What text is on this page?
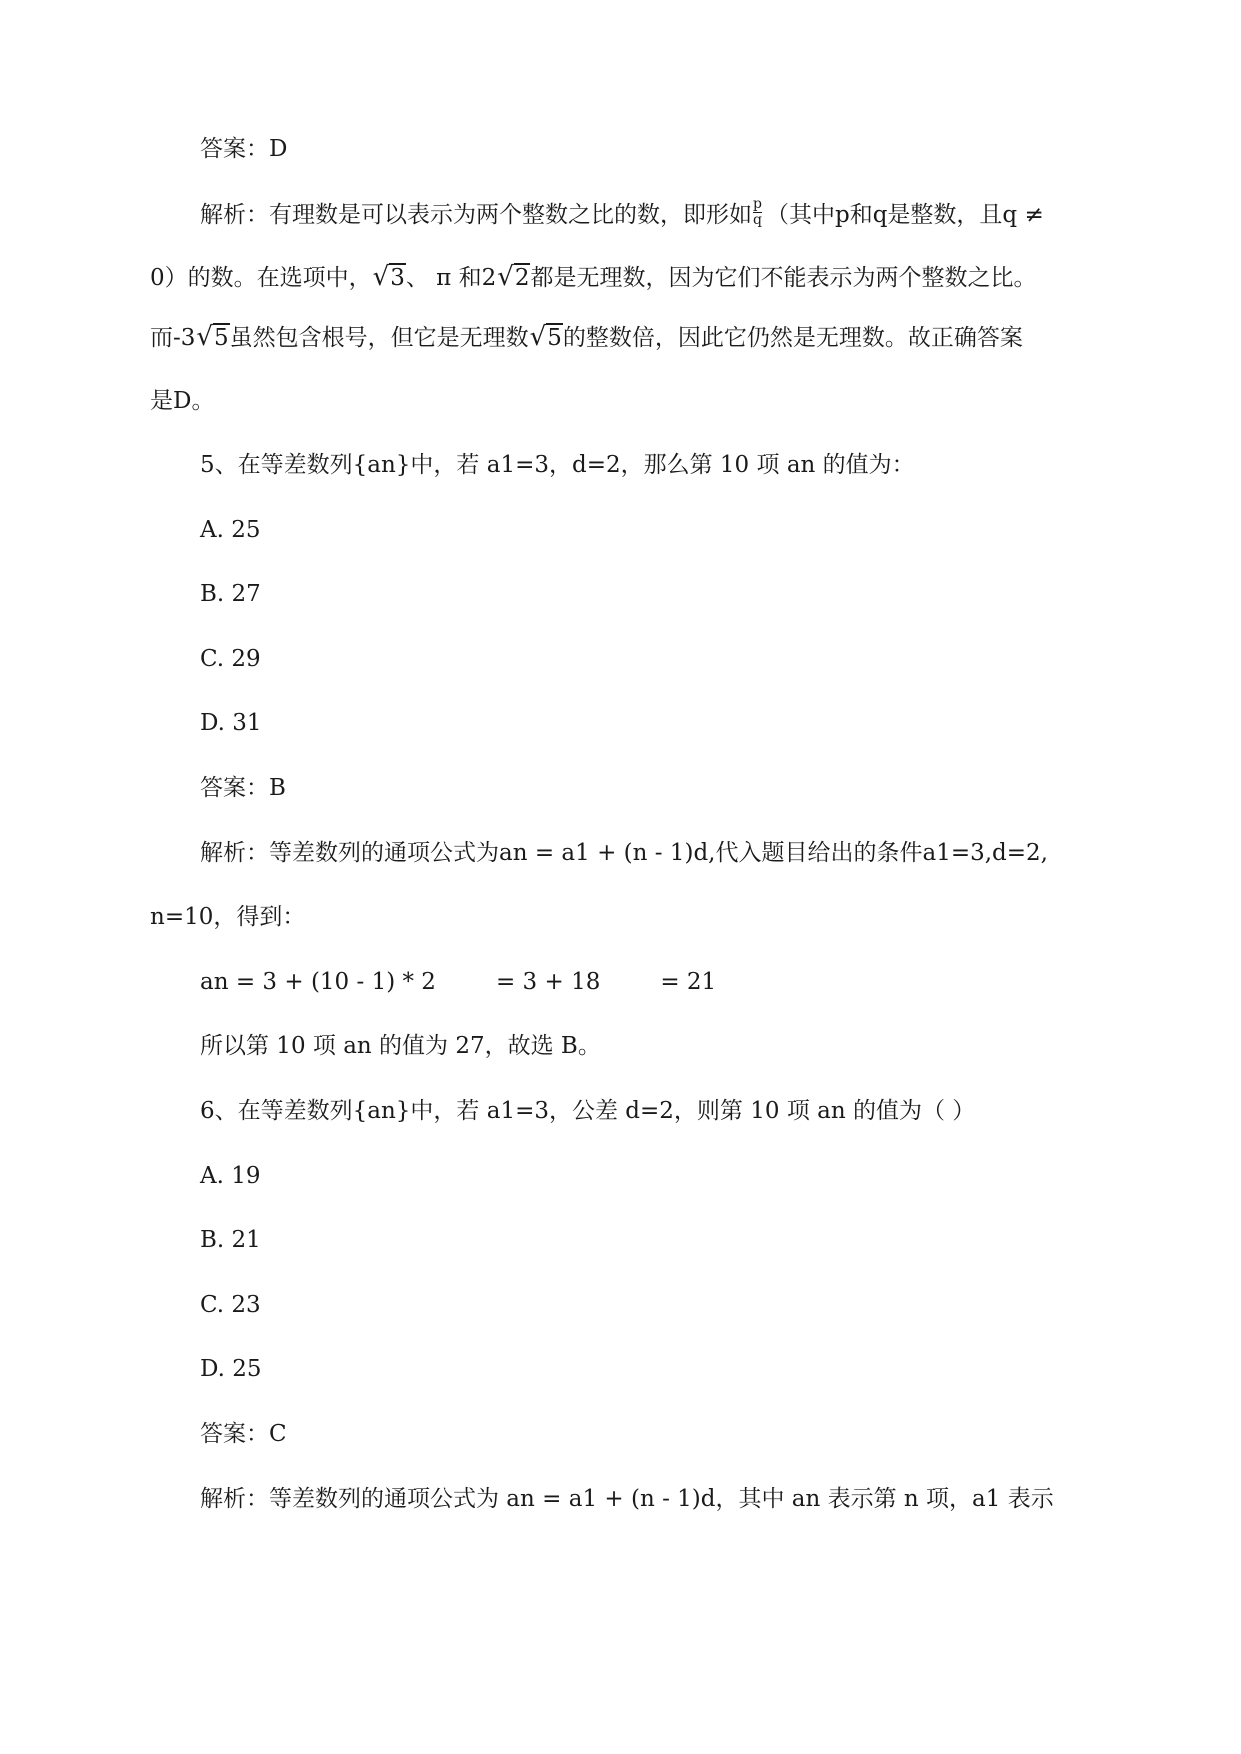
答案：D
解析：有理数是可以表示为两个整数之比的数，即形如 $\frac{p}{q}$ （其中p和q是整数，且q ≠
0）的数。在选项中，√3、 π 和2√2都是无理数，因为它们不能表示为两个整数之比。
而-3√5虽然包含根号，但它是无理数√5的整数倍，因此它仍然是无理数。故正确答案
是D。
5、在等差数列{an}中，若 a1=3，d=2，那么第 10 项 an 的值为：
A. 25
B. 27
C. 29
D. 31
答案：B
解析：等差数列的通项公式为an = a1 + (n - 1)d,代入题目给出的条件a1=3,d=2,
n=10，得到：
an = 3 + (10 - 1) * 2	= 3 + 18	= 21
所以第 10 项 an 的值为 27，故选 B。
6、在等差数列{an}中，若 a1=3，公差 d=2，则第 10 项 an 的值为（ ）
A. 19
B. 21
C. 23
D. 25
答案：C
解析：等差数列的通项公式为 an = a1 + (n - 1)d，其中 an 表示第 n 项，a1 表示
